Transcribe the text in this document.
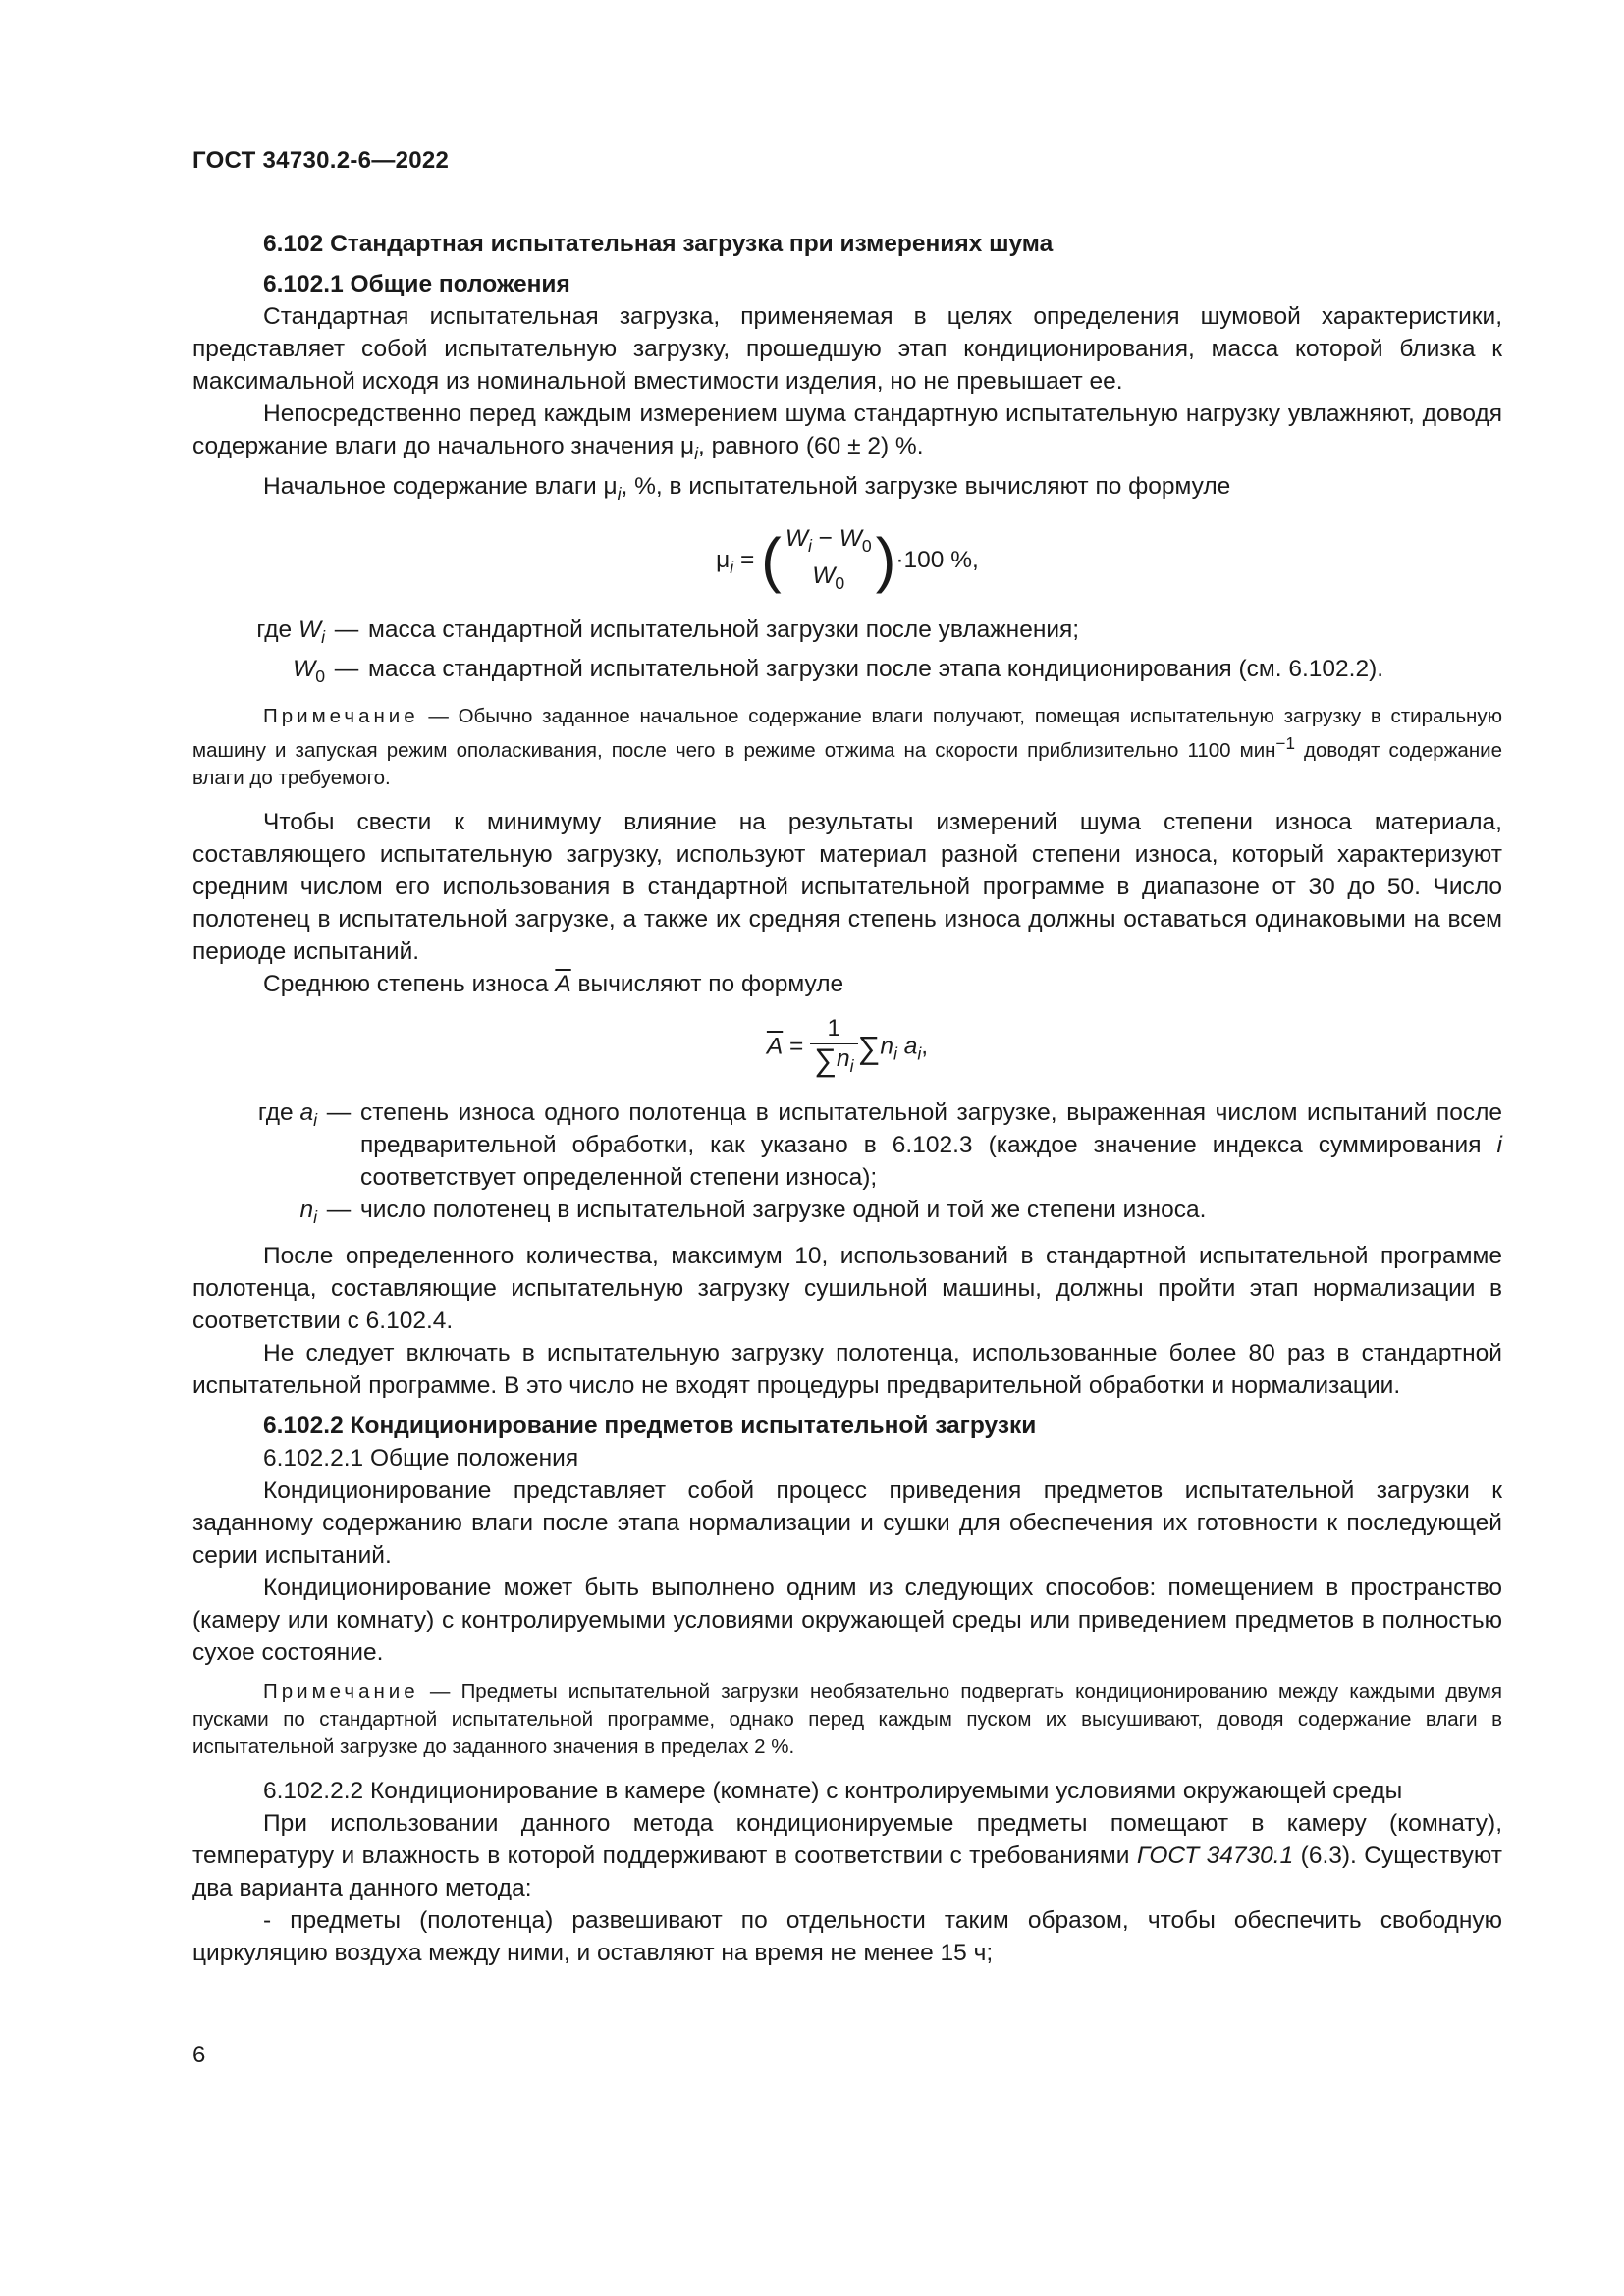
ГОСТ 34730.2-6—2022

6.102 Стандартная испытательная загрузка при измерениях шума

6.102.1 Общие положения

Стандартная испытательная загрузка, применяемая в целях определения шумовой характеристики, представляет собой испытательную загрузку, прошедшую этап кондиционирования, масса которой близка к максимальной исходя из номинальной вместимости изделия, но не превышает ее.

Непосредственно перед каждым измерением шума стандартную испытательную нагрузку увлажняют, доводя содержание влаги до начального значения $\mu_i$, равного (60 ± 2) %.

Начальное содержание влаги $\mu_i$, %, в испытательной загрузке вычисляют по формуле

$\mu_i$ = ( $\frac{W_i - W_0}{W_0} )\cdot 100$ %,
где $W_i$ — масса стандартной испытательной загрузки после увлажнения;
$W_0$ — масса стандартной испытательной загрузки после этапа кондиционирования (см. 6.102.2).

Примечание — Обычно заданное начальное содержание влаги получают, помещая испытательную загрузку в стиральную машину и запуская режим ополаскивания, после чего в режиме отжима на скорости приблизительно 1100 мин$^{-1}$ доводят содержание влаги до требуемого.

Чтобы свести к минимуму влияние на результаты измерений шума степени износа материала, составляющего испытательную загрузку, используют материал разной степени износа, который характеризуют средним числом его использования в стандартной испытательной программе в диапазоне от 30 до 50. Число полотенец в испытательной загрузке, а также их средняя степень износа должны оставаться одинаковыми на всем периоде испытаний.

Среднюю степень износа $\overline{A}$ вычисляют по формуле

$\overline{A} = \frac{1}{\sum n_i} \sum n_i$ $a_i$,
где $a_i$ — степень износа одного полотенца в испытательной загрузке, выраженная числом испытаний после предварительной обработки, как указано в 6.102.3 (каждое значение индекса суммирования i соответствует определенной степени износа);
$n_i$ — число полотенец в испытательной загрузке одной и той же степени износа.

После определенного количества, максимум 10, использований в стандартной испытательной программе полотенца, составляющие испытательную загрузку сушильной машины, должны пройти этап нормализации в соответствии с 6.102.4.

Не следует включать в испытательную загрузку полотенца, использованные более 80 раз в стандартной испытательной программе. В это число не входят процедуры предварительной обработки и нормализации.

6.102.2 Кондиционирование предметов испытательной загрузки

6.102.2.1 Общие положения

Кондиционирование представляет собой процесс приведения предметов испытательной загрузки к заданному содержанию влаги после этапа нормализации и сушки для обеспечения их готовности к последующей серии испытаний.

Кондиционирование может быть выполнено одним из следующих способов: помещением в пространство (камеру или комнату) с контролируемыми условиями окружающей среды или приведением предметов в полностью сухое состояние.

Примечание — Предметы испытательной загрузки необязательно подвергать кондиционированию между каждыми двумя пусками по стандартной испытательной программе, однако перед каждым пуском их высушивают, доводя содержание влаги в испытательной загрузке до заданного значения в пределах 2 %.

6.102.2.2 Кондиционирование в камере (комнате) с контролируемыми условиями окружающей среды

При использовании данного метода кондиционируемые предметы помещают в камеру (комнату), температуру и влажность в которой поддерживают в соответствии с требованиями ГОСТ 34730.1 (6.3). Существуют два варианта данного метода:

- предметы (полотенца) развешивают по отдельности таким образом, чтобы обеспечить свободную циркуляцию воздуха между ними, и оставляют на время не менее 15 ч;

6
